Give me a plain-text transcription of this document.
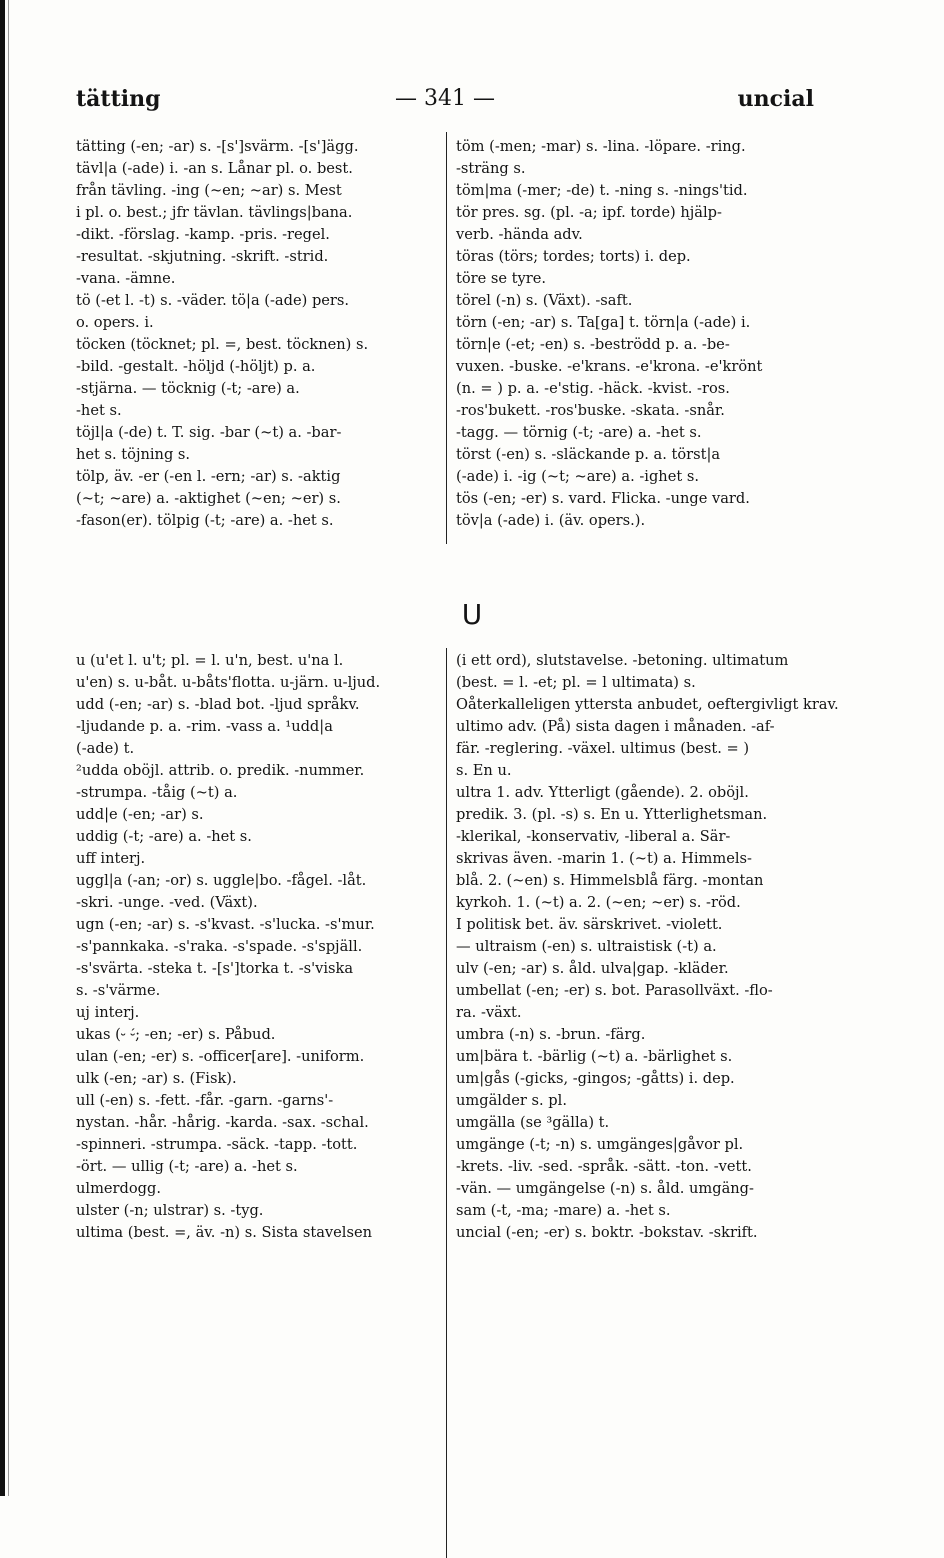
— 341 —
tätting	uncial
U

tätting (-en; -ar) s. -[s']svärm. -[s']ägg.

tävl|a (-ade) i. -an s. Lånar pl. o. best.

från tävling. -ing (~en; ~ar) s. Mest

i pl. o. best.; jfr tävlan. tävlings|bana.

-dikt. -förslag. -kamp. -pris. -regel.

-resultat. -skjutning. -skrift. -strid.

-vana. -ämne.

tö (-et l. -t) s. -väder. tö|a (-ade) pers.

o. opers. i.

töcken (töcknet; pl. =, best. töcknen) s.

-bild. -gestalt. -höljd (-höljt) p. a.

-stjärna. — töcknig (-t; -are) a.

-het s.

töjl|a (-de) t. T. sig. -bar (~t) a. -bar-

het s. töjning s.

tölp, äv. -er (-en l. -ern; -ar) s. -aktig

(~t; ~are) a. -aktighet (~en; ~er) s.

-fason(er). tölpig (-t; -are) a. -het s.

töm (-men; -mar) s. -lina. -löpare. -ring.

-sträng s.

töm|ma (-mer; -de) t. -ning s. -nings'tid.

tör pres. sg. (pl. -a; ipf. torde) hjälp-

verb. -hända adv.

töras (törs; tordes; torts) i. dep.

töre se tyre.

törel (-n) s. (Växt). -saft.

törn (-en; -ar) s. Ta[ga] t. törn|a (-ade) i.

törn|e (-et; -en) s. -beströdd p. a. -be-

vuxen. -buske. -e'krans. -e'krona. -e'krönt

(n. = ) p. a. -e'stig. -häck. -kvist. -ros.

-ros'bukett. -ros'buske. -skata. -snår.

-tagg. — törnig (-t; -are) a. -het s.

törst (-en) s. -släckande p. a. törst|a

(-ade) i. -ig (~t; ~are) a. -ighet s.

tös (-en; -er) s. vard. Flicka. -unge vard.

töv|a (-ade) i. (äv. opers.).

u (u'et l. u't; pl. = l. u'n, best. u'na l.

u'en) s. u-båt. u-båts'flotta. u-järn. u-ljud.

udd (-en; -ar) s. -blad bot. -ljud språkv.

-ljudande p. a. -rim. -vass a. ¹udd|a

(-ade) t.

²udda oböjl. attrib. o. predik. -nummer.

-strumpa. -tåig (~t) a.

udd|e (-en; -ar) s.

uddig (-t; -are) a. -het s.

uff interj.

uggl|a (-an; -or) s. uggle|bo. -fågel. -låt.

-skri. -unge. -ved. (Växt).

ugn (-en; -ar) s. -s'kvast. -s'lucka. -s'mur.

-s'pannkaka. -s'raka. -s'spade. -s'spjäll.

-s'svärta. -steka t. -[s']torka t. -s'viska

s. -s'värme.

uj interj.

ukas (⏑ ⏑́; -en; -er) s. Påbud.

ulan (-en; -er) s. -officer[are]. -uniform.

ulk (-en; -ar) s. (Fisk).

ull (-en) s. -fett. -får. -garn. -garns'-

nystan. -hår. -hårig. -karda. -sax. -schal.

-spinneri. -strumpa. -säck. -tapp. -tott.

-ört. — ullig (-t; -are) a. -het s.

ulmerdogg.

ulster (-n; ulstrar) s. -tyg.

ultima (best. =, äv. -n) s. Sista stavelsen

(i ett ord), slutstavelse. -betoning. ultimatum

(best. = l. -et; pl. = l ultimata) s.

Oåterkalleligen yttersta anbudet, oeftergivligt krav.

ultimo adv. (På) sista dagen i månaden. -af-

fär. -reglering. -växel. ultimus (best. = )

s. En u.

ultra 1. adv. Ytterligt (gående). 2. oböjl.

predik. 3. (pl. -s) s. En u. Ytterlighetsman.

-klerikal, -konservativ, -liberal a. Sär-

skrivas även. -marin 1. (~t) a. Himmels-

blå. 2. (~en) s. Himmelsblå färg. -montan

kyrkoh. 1. (~t) a. 2. (~en; ~er) s. -röd.

I politisk bet. äv. särskrivet. -violett.

— ultraism (-en) s. ultraistisk (-t) a.

ulv (-en; -ar) s. åld. ulva|gap. -kläder.

umbellat (-en; -er) s. bot. Parasollväxt. -flo-

ra. -växt.

umbra (-n) s. -brun. -färg.

um|bära t. -bärlig (~t) a. -bärlighet s.

um|gås (-gicks, -gingos; -gåtts) i. dep.

umgälder s. pl.

umgälla (se ³gälla) t.

umgänge (-t; -n) s. umgänges|gåvor pl.

-krets. -liv. -sed. -språk. -sätt. -ton. -vett.

-vän. — umgängelse (-n) s. åld. umgäng-

sam (-t, -ma; -mare) a. -het s.

uncial (-en; -er) s. boktr. -bokstav. -skrift.
